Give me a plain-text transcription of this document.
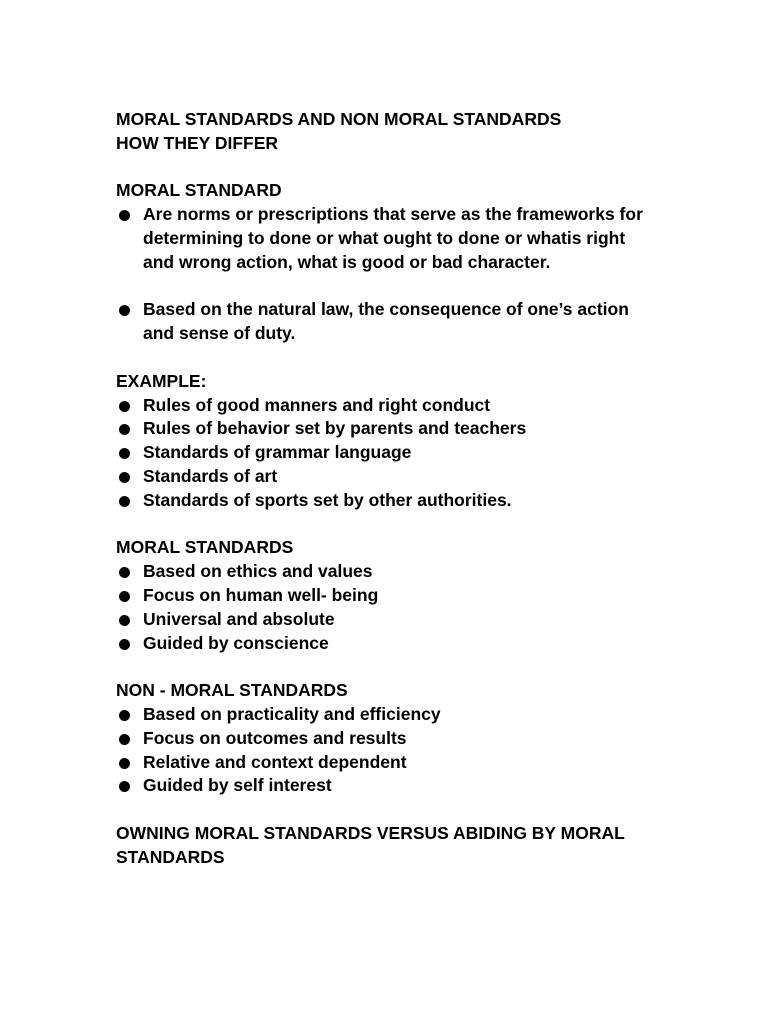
MORAL STANDARDS AND NON MORAL STANDARDS

HOW THEY DIFFER

MORAL STANDARD

Are norms or prescriptions that serve as the frameworks for determining to done or what ought to done or whatis right and wrong action, what is good or bad character.
Based on the natural law, the consequence of one’s action and sense of duty.

EXAMPLE:

Rules of good manners and right conduct
Rules of behavior set by parents and teachers
Standards of grammar language
Standards of art
Standards of sports set by other authorities.

MORAL STANDARDS

Based on ethics and values
Focus on human well- being
Universal and absolute
Guided by conscience

NON - MORAL STANDARDS

Based on practicality and efficiency
Focus on outcomes and results
Relative and context dependent
Guided by self interest

OWNING MORAL STANDARDS VERSUS ABIDING BY MORAL STANDARDS
